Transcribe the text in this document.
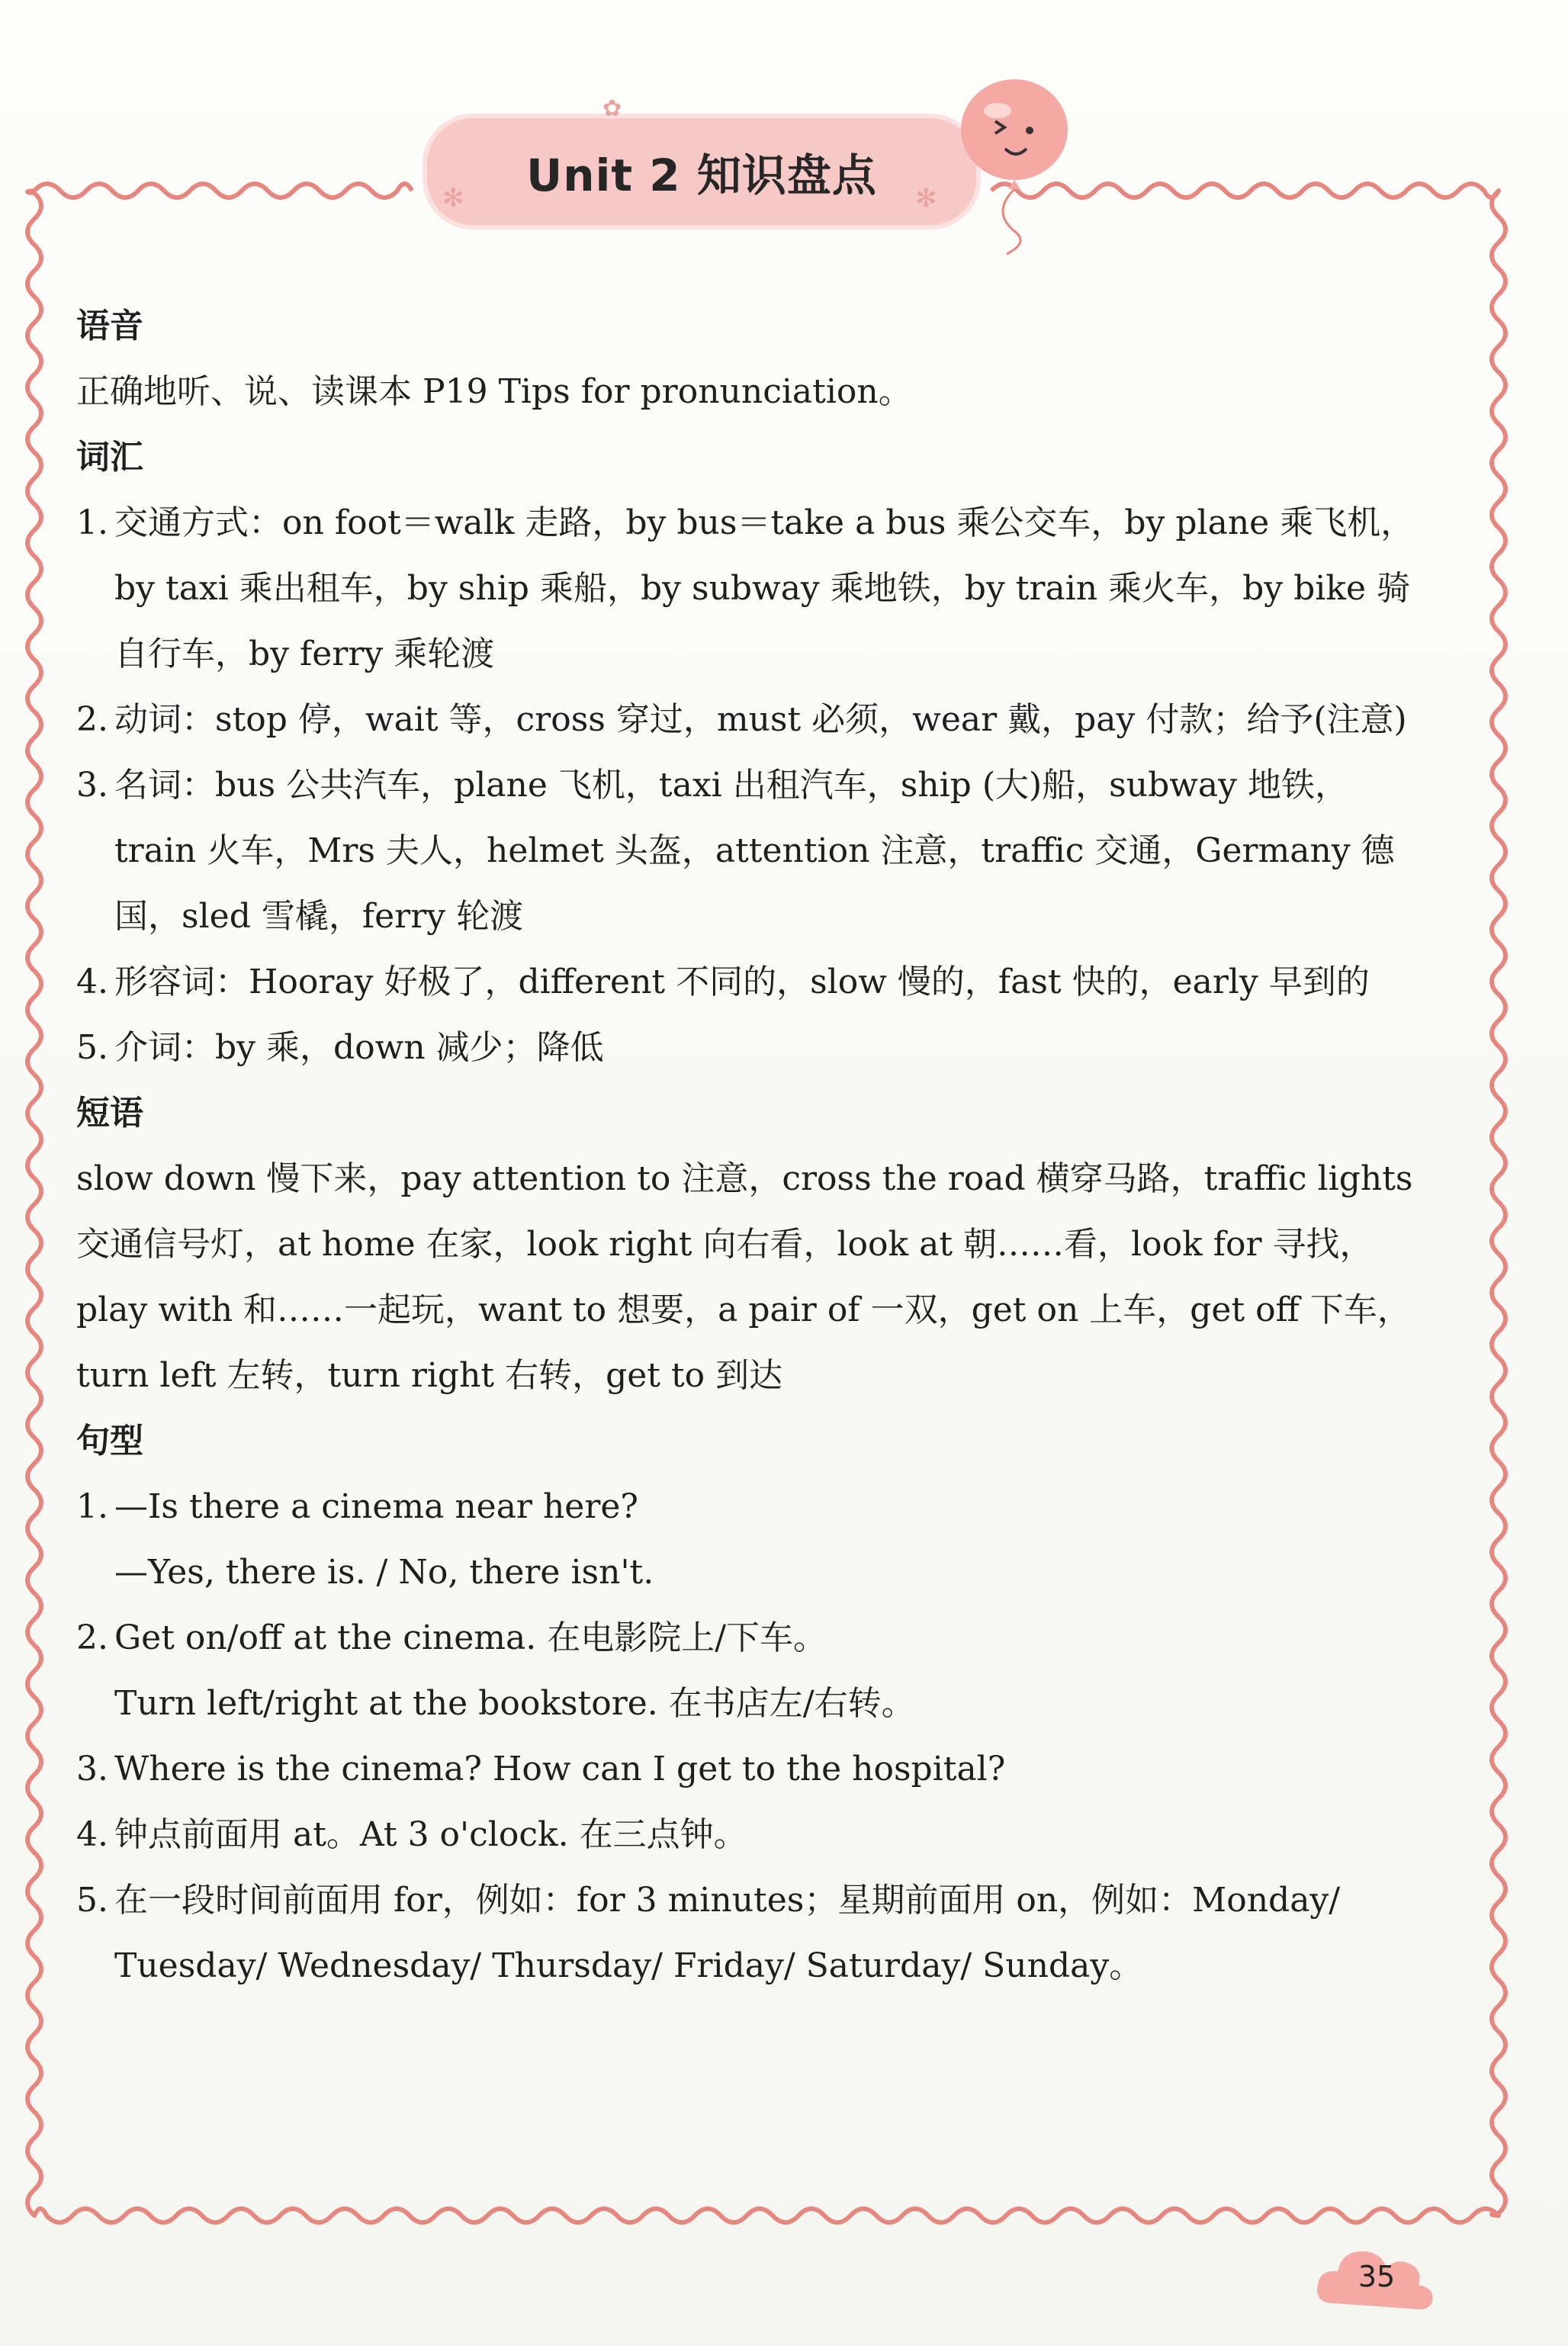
Unit 2 知识盘点
✻	✻
✿
语音
正确地听、说、读课本 P19 Tips for pronunciation。
词汇
1. 交通方式：on foot＝walk 走路，by bus＝take a bus 乘公交车，by plane 乘飞机，
by taxi 乘出租车，by ship 乘船，by subway 乘地铁，by train 乘火车，by bike 骑
自行车，by ferry 乘轮渡
2. 动词：stop 停，wait 等，cross 穿过，must 必须，wear 戴，pay 付款；给予(注意)
3. 名词：bus 公共汽车，plane 飞机，taxi 出租汽车，ship (大)船，subway 地铁，
train 火车，Mrs 夫人，helmet 头盔，attention 注意，traffic 交通，Germany 德
国，sled 雪橇，ferry 轮渡
4. 形容词：Hooray 好极了，different 不同的，slow 慢的，fast 快的，early 早到的
5. 介词：by 乘，down 减少；降低
短语
slow down 慢下来，pay attention to 注意，cross the road 横穿马路，traffic lights
交通信号灯，at home 在家，look right 向右看，look at 朝……看，look for 寻找，
play with 和……一起玩，want to 想要，a pair of 一双，get on 上车，get off 下车，
turn left 左转，turn right 右转，get to 到达
句型
1. —Is there a cinema near here?
—Yes, there is. / No, there isn't.
2. Get on/off at the cinema. 在电影院上/下车。
Turn left/right at the bookstore. 在书店左/右转。
3. Where is the cinema? How can I get to the hospital?
4. 钟点前面用 at。At 3 o'clock. 在三点钟。
5. 在一段时间前面用 for，例如：for 3 minutes；星期前面用 on，例如：Monday/
Tuesday/ Wednesday/ Thursday/ Friday/ Saturday/ Sunday。
35
